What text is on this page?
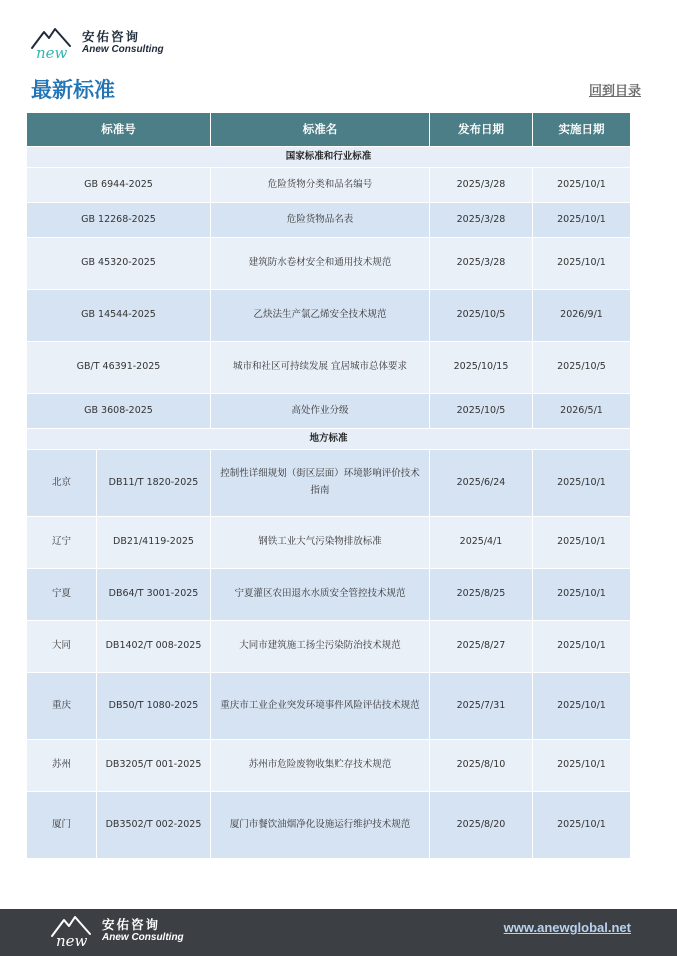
new
安佑咨询
Anew Consulting
最新标准	回到目录
标准号		标准名	发布日期	实施日期
国家标准和行业标准				
GB 6944-2025		危险货物分类和品名编号	2025/3/28	2025/10/1
GB 12268-2025		危险货物品名表	2025/3/28	2025/10/1
GB 45320-2025		建筑防水卷材安全和通用技术规范	2025/3/28	2025/10/1
GB 14544-2025		乙炔法生产氯乙烯安全技术规范	2025/10/5	2026/9/1
GB/T 46391-2025		城市和社区可持续发展 宜居城市总体要求	2025/10/15	2025/10/5
GB 3608-2025		高处作业分级	2025/10/5	2026/5/1
地方标准				
北京	DB11/T 1820-2025	控制性详细规划（街区层面）环境影响评价技术指南	2025/6/24	2025/10/1
辽宁	DB21/4119-2025	钢铁工业大气污染物排放标准	2025/4/1	2025/10/1
宁夏	DB64/T 3001-2025	宁夏灌区农田退水水质安全管控技术规范	2025/8/25	2025/10/1
大同	DB1402/T 008-2025	大同市建筑施工扬尘污染防治技术规范	2025/8/27	2025/10/1
重庆	DB50/T 1080-2025	重庆市工业企业突发环境事件风险评估技术规范	2025/7/31	2025/10/1
苏州	DB3205/T 001-2025	苏州市危险废物收集贮存技术规范	2025/8/10	2025/10/1
厦门	DB3502/T 002-2025	厦门市餐饮油烟净化设施运行维护技术规范	2025/8/20	2025/10/1
new
安佑咨询
Anew Consulting
www.anewglobal.net
